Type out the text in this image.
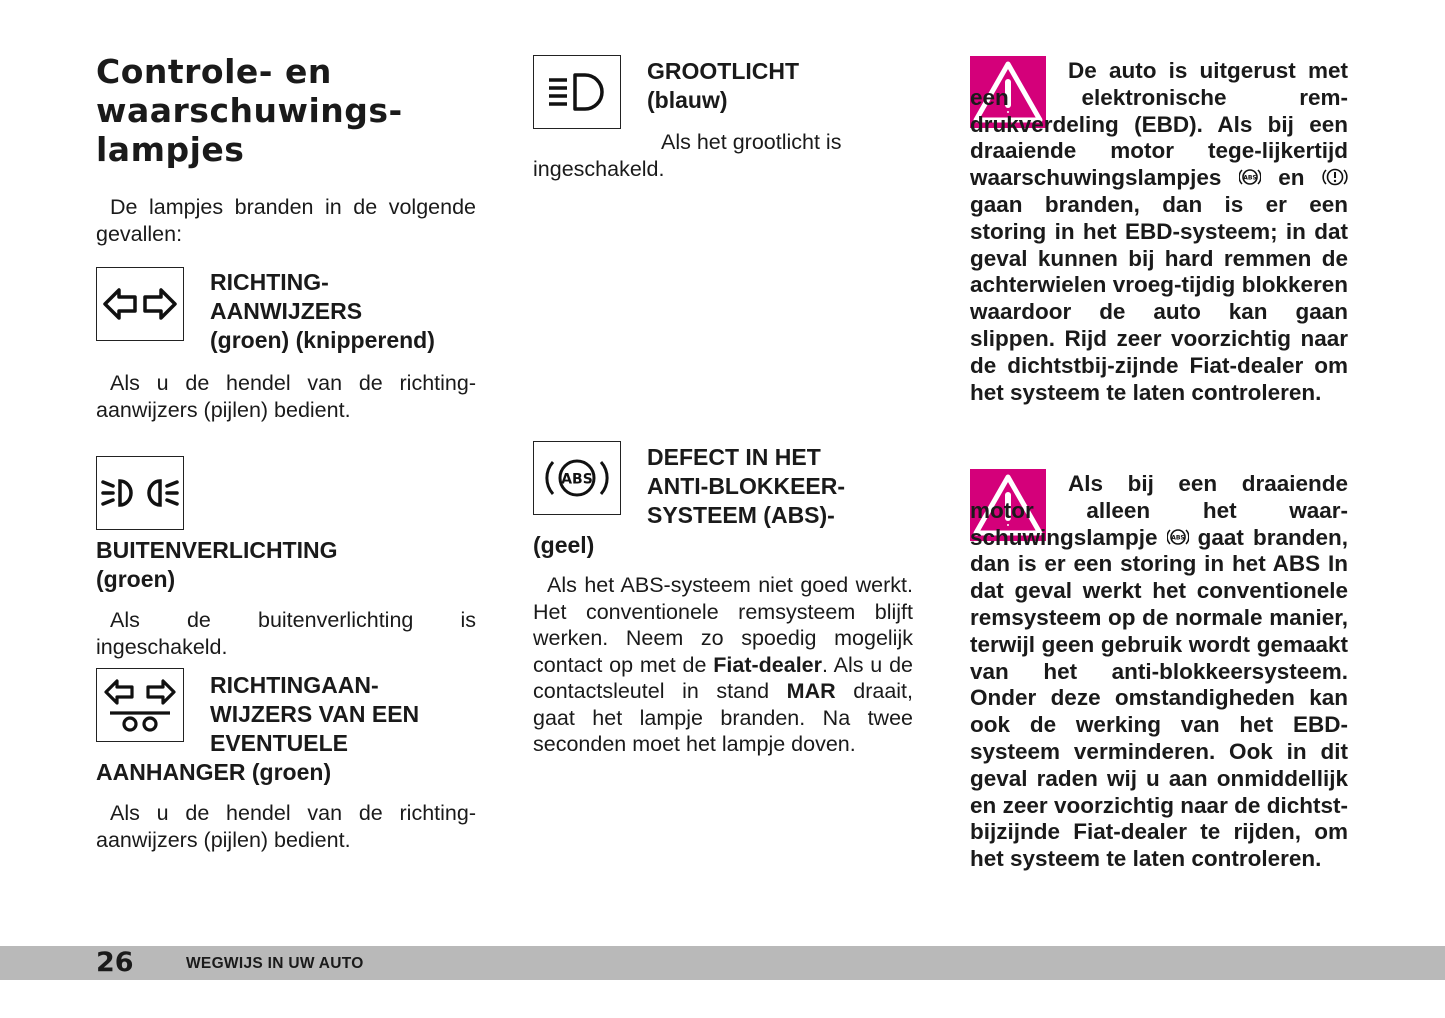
Controle- en
waarschuwings-
lampjes

De lampjes branden in de volgende gevallen:

RICHTING-
AANWIJZERS
(groen) (knipperend)

Als u de hendel van de richting-aanwijzers (pijlen) bedient.

BUITENVERLICHTING
(groen)

Als de buitenverlichting is ingeschakeld.

RICHTINGAAN-
WIJZERS VAN EEN
EVENTUELE
AANHANGER (groen)

Als u de hendel van de richting-aanwijzers (pijlen) bedient.

GROOTLICHT
(blauw)

Als het grootlicht is ingeschakeld.

ABS
DEFECT IN HET
ANTI-BLOKKEER-
SYSTEEM (ABS)-
(geel)

Als het ABS-systeem niet goed werkt. Het conventionele remsysteem blijft werken. Neem zo spoedig mogelijk contact op met de Fiat-dealer. Als u de contactsleutel in stand MAR draait, gaat het lampje branden. Na twee seconden moet het lampje doven.

De auto is uitgerust met een elektronische rem-drukverdeling (EBD). Als bij een draaiende motor tege-lijkertijd waarschuwingslampjes ABS en  gaan branden, dan is er een storing in het EBD-systeem; in dat geval kunnen bij hard remmen de achterwielen vroeg-tijdig blokkeren waardoor de auto kan gaan slippen. Rijd zeer voorzichtig naar de dichtstbij-zijnde Fiat-dealer om het systeem te laten controleren.

Als bij een draaiende motor alleen het waar-schuwingslampje ABS gaat branden, dan is er een storing in het ABS In dat geval werkt het conventionele remsysteem op de normale manier, terwijl geen gebruik wordt gemaakt van het anti-blokkeersysteem. Onder deze omstandigheden kan ook de werking van het EBD-systeem verminderen. Ook in dit geval raden wij u aan onmiddellijk en zeer voorzichtig naar de dichtst-bijzijnde Fiat-dealer te rijden, om het systeem te laten controleren.

26	WEGWIJS IN UW AUTO
